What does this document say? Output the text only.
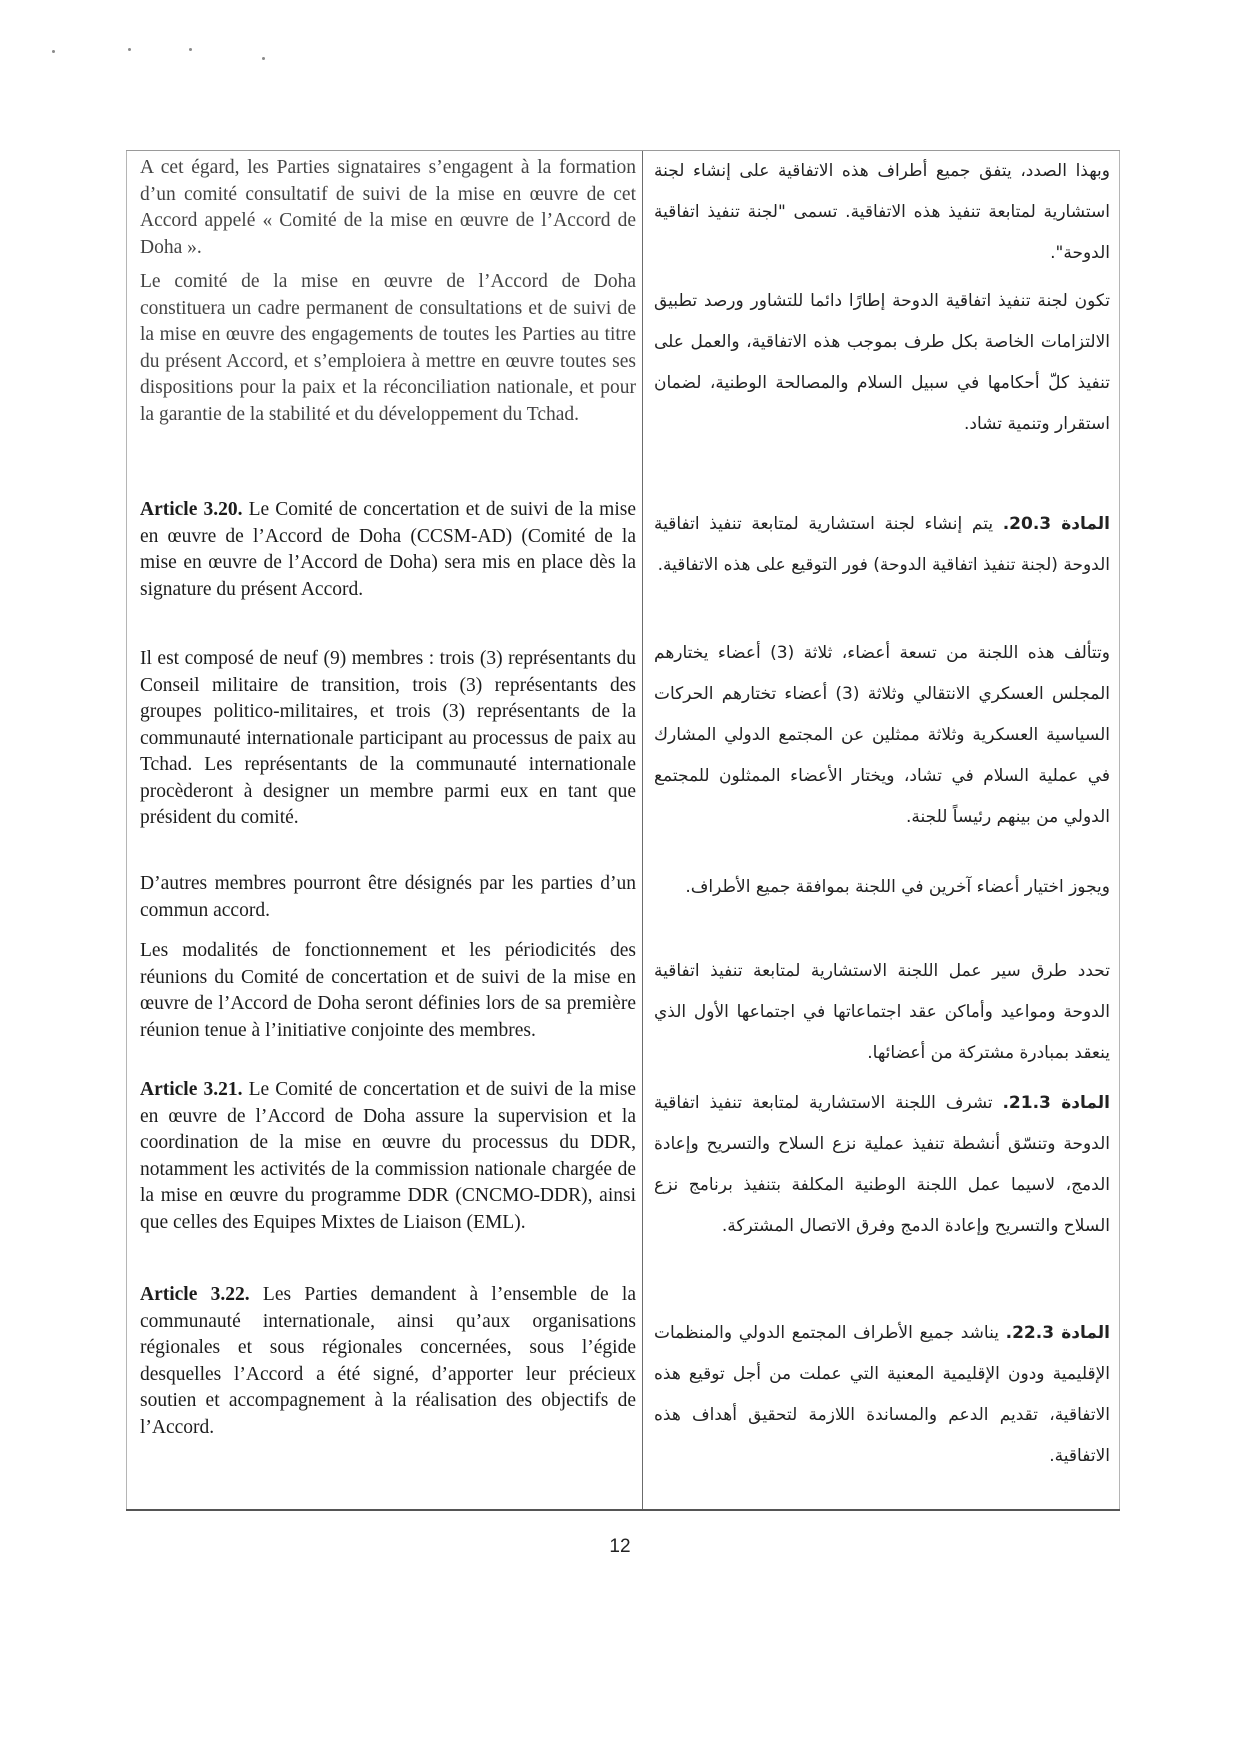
A cet égard, les Parties signataires s’engagent à la formation d’un comité consultatif de suivi de la mise en œuvre de cet Accord appelé « Comité de la mise en œuvre de l’Accord de Doha ».

Le comité de la mise en œuvre de l’Accord de Doha constituera un cadre permanent de consultations et de suivi de la mise en œuvre des engagements de toutes les Parties au titre du présent Accord, et s’emploiera à mettre en œuvre toutes ses dispositions pour la paix et la réconciliation nationale, et pour la garantie de la stabilité et du développement du Tchad.

Article 3.20. Le Comité de concertation et de suivi de la mise en œuvre de l’Accord de Doha (CCSM-AD) (Comité de la mise en œuvre de l’Accord de Doha) sera mis en place dès la signature du présent Accord.

Il est composé de neuf (9) membres : trois (3) représentants du Conseil militaire de transition, trois (3) représentants des groupes politico-militaires, et trois (3) représentants de la communauté internationale participant au processus de paix au Tchad. Les représentants de la communauté internationale procèderont à designer un membre parmi eux en tant que président du comité.

D’autres membres pourront être désignés par les parties d’un commun accord.

Les modalités de fonctionnement et les périodicités des réunions du Comité de concertation et de suivi de la mise en œuvre de l’Accord de Doha seront définies lors de sa première réunion tenue à l’initiative conjointe des membres.

Article 3.21. Le Comité de concertation et de suivi de la mise en œuvre de l’Accord de Doha assure la supervision et la coordination de la mise en œuvre du processus du DDR, notamment les activités de la commission nationale chargée de la mise en œuvre du programme DDR (CNCMO-DDR), ainsi que celles des Equipes Mixtes de Liaison (EML).

Article 3.22. Les Parties demandent à l’ensemble de la communauté internationale, ainsi qu’aux organisations régionales et sous régionales concernées, sous l’égide desquelles l’Accord a été signé, d’apporter leur précieux soutien et accompagnement à la réalisation des objectifs de l’Accord.

وبهذا الصدد، يتفق جميع أطراف هذه الاتفاقية على إنشاء لجنة استشارية لمتابعة تنفيذ هذه الاتفاقية. تسمى "لجنة تنفيذ اتفاقية الدوحة".

تكون لجنة تنفيذ اتفاقية الدوحة إطارًا دائما للتشاور ورصد تطبيق الالتزامات الخاصة بكل طرف بموجب هذه الاتفاقية، والعمل على تنفيذ كلّ أحكامها في سبيل السلام والمصالحة الوطنية، لضمان استقرار وتنمية تشاد.

المادة 20.3. يتم إنشاء لجنة استشارية لمتابعة تنفيذ اتفاقية الدوحة (لجنة تنفيذ اتفاقية الدوحة) فور التوقيع على هذه الاتفاقية.

وتتألف هذه اللجنة من تسعة أعضاء، ثلاثة (3) أعضاء يختارهم المجلس العسكري الانتقالي وثلاثة (3) أعضاء تختارهم الحركات السياسية العسكرية وثلاثة ممثلين عن المجتمع الدولي المشارك في عملية السلام في تشاد، ويختار الأعضاء الممثلون للمجتمع الدولي من بينهم رئيساً للجنة.

ويجوز اختيار أعضاء آخرين في اللجنة بموافقة جميع الأطراف.

تحدد طرق سير عمل اللجنة الاستشارية لمتابعة تنفيذ اتفاقية الدوحة ومواعيد وأماكن عقد اجتماعاتها في اجتماعها الأول الذي ينعقد بمبادرة مشتركة من أعضائها.

المادة 21.3. تشرف اللجنة الاستشارية لمتابعة تنفيذ اتفاقية الدوحة وتنسّق أنشطة تنفيذ عملية نزع السلاح والتسريح وإعادة الدمج، لاسيما عمل اللجنة الوطنية المكلفة بتنفيذ برنامج نزع السلاح والتسريح وإعادة الدمج وفرق الاتصال المشتركة.

المادة 22.3. يناشد جميع الأطراف المجتمع الدولي والمنظمات الإقليمية ودون الإقليمية المعنية التي عملت من أجل توقيع هذه الاتفاقية، تقديم الدعم والمساندة اللازمة لتحقيق أهداف هذه الاتفاقية.

12
